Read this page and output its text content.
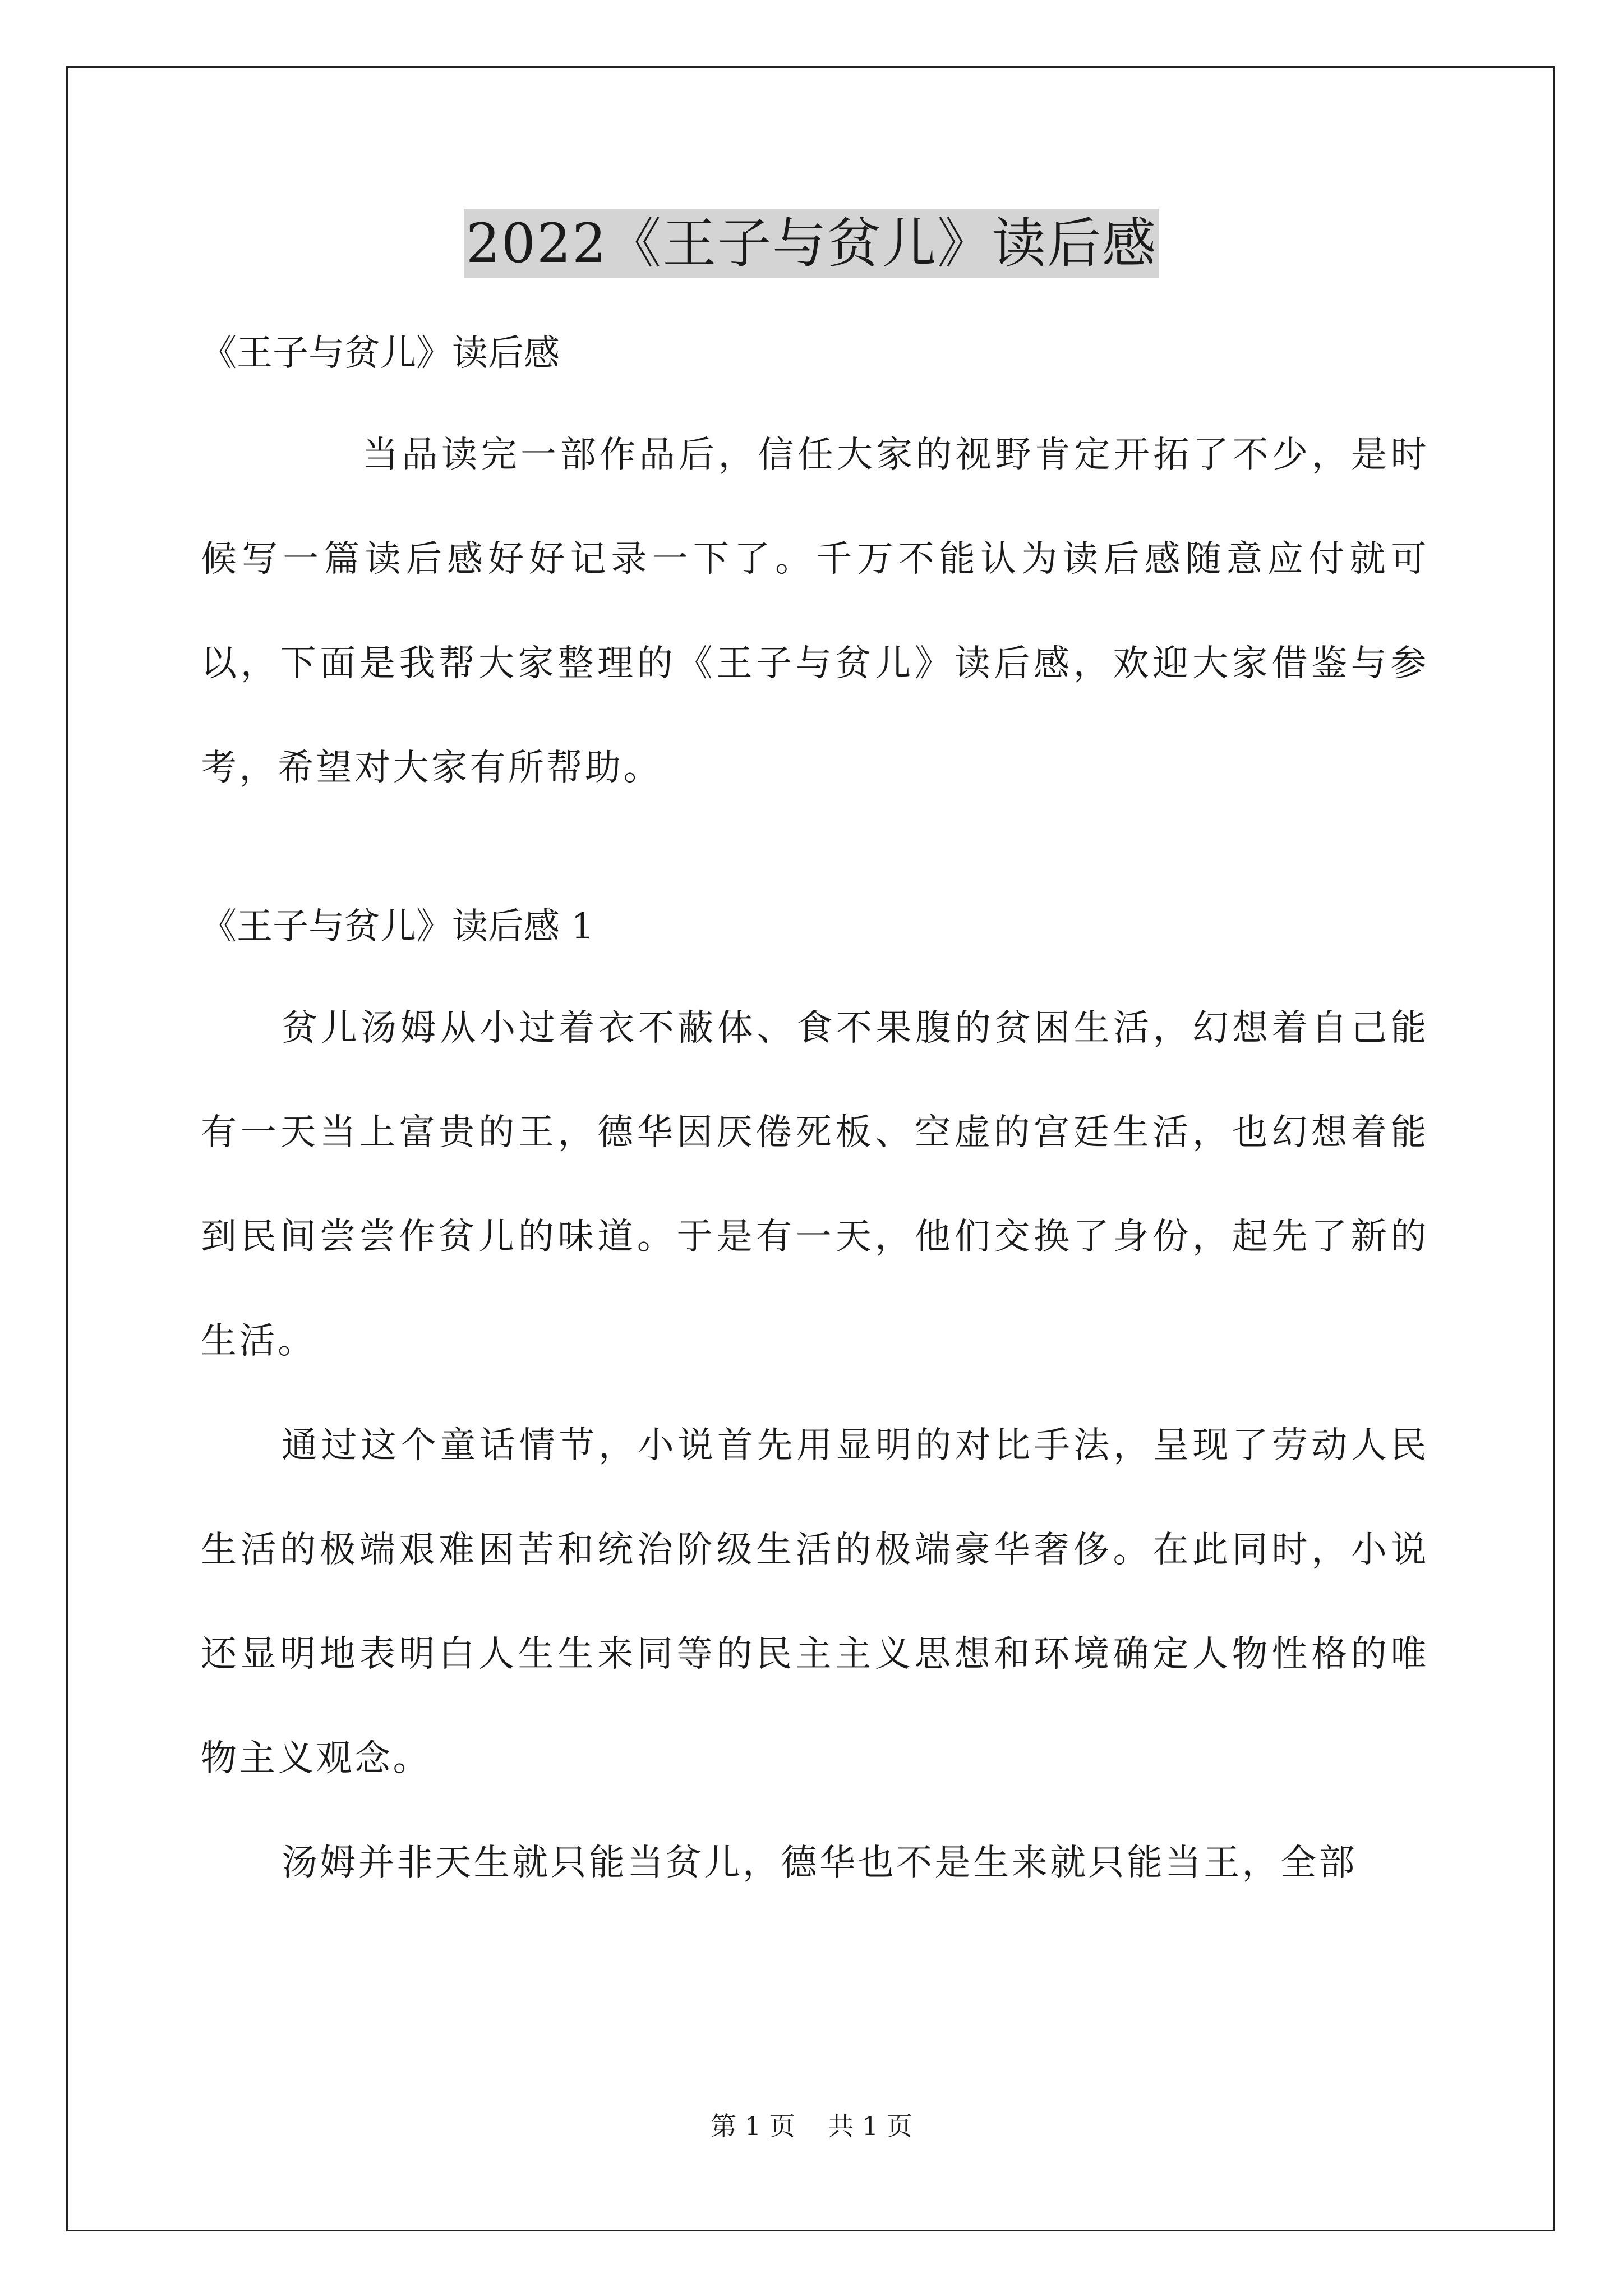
2022《王子与贫儿》读后感

《王子与贫儿》读后感

当品读完一部作品后，信任大家的视野肯定开拓了不少，是时候写一篇读后感好好记录一下了。千万不能认为读后感随意应付就可以，下面是我帮大家整理的《王子与贫儿》读后感，欢迎大家借鉴与参考，希望对大家有所帮助。

《王子与贫儿》读后感 1

贫儿汤姆从小过着衣不蔽体、食不果腹的贫困生活，幻想着自己能有一天当上富贵的王，德华因厌倦死板、空虚的宫廷生活，也幻想着能到民间尝尝作贫儿的味道。于是有一天，他们交换了身份，起先了新的生活。

通过这个童话情节，小说首先用显明的对比手法，呈现了劳动人民生活的极端艰难困苦和统治阶级生活的极端豪华奢侈。在此同时，小说还显明地表明白人生生来同等的民主主义思想和环境确定人物性格的唯物主义观念。

汤姆并非天生就只能当贫儿，德华也不是生来就只能当王，全部

第 1 页    共 1 页
